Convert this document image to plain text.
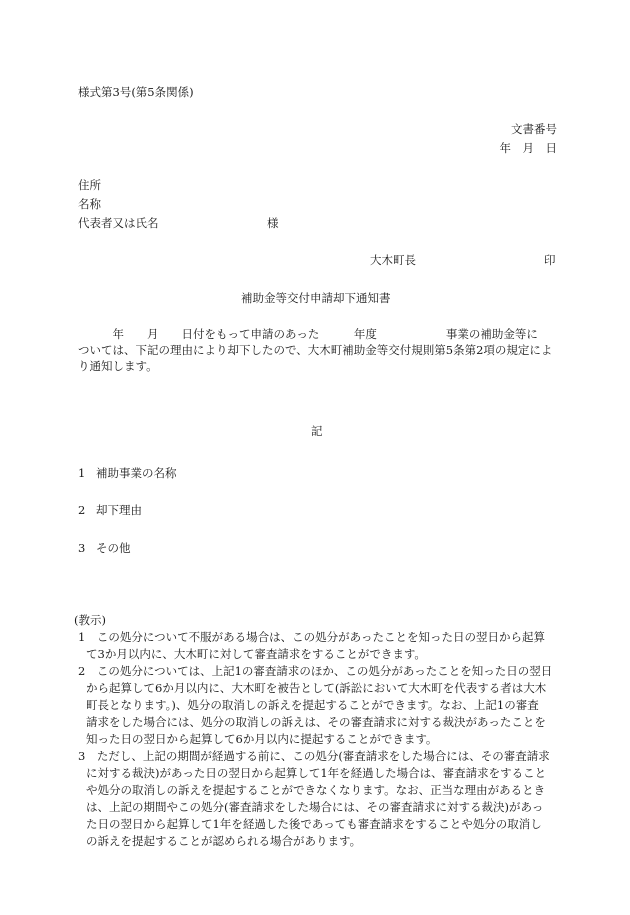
様式第3号(第5条関係)
文書番号
年　月　日
住所
名称
代表者又は氏名	様
大木町長	印
補助金等交付申請却下通知書
　　　年　　月　　日付をもって申請のあった　　　年度　　　　　　事業の補助金等に
ついては、下記の理由により却下したので、大木町補助金等交付規則第5条第2項の規定によ
り通知します。
記
1 補助事業の名称
2 却下理由
3 その他
(教示)
1　この処分について不服がある場合は、この処分があったことを知った日の翌日から起算
て3か月以内に、大木町に対して審査請求をすることができます。
2　この処分については、上記1の審査請求のほか、この処分があったことを知った日の翌日
から起算して6か月以内に、大木町を被告として(訴訟において大木町を代表する者は大木
町長となります。)、処分の取消しの訴えを提起することができます。なお、上記1の審査
請求をした場合には、処分の取消しの訴えは、その審査請求に対する裁決があったことを
知った日の翌日から起算して6か月以内に提起することができます。
3　ただし、上記の期間が経過する前に、この処分(審査請求をした場合には、その審査請求
に対する裁決)があった日の翌日から起算して1年を経過した場合は、審査請求をすること
や処分の取消しの訴えを提起することができなくなります。なお、正当な理由があるとき
は、上記の期間やこの処分(審査請求をした場合には、その審査請求に対する裁決)があっ
た日の翌日から起算して1年を経過した後であっても審査請求をすることや処分の取消し
の訴えを提起することが認められる場合があります。
